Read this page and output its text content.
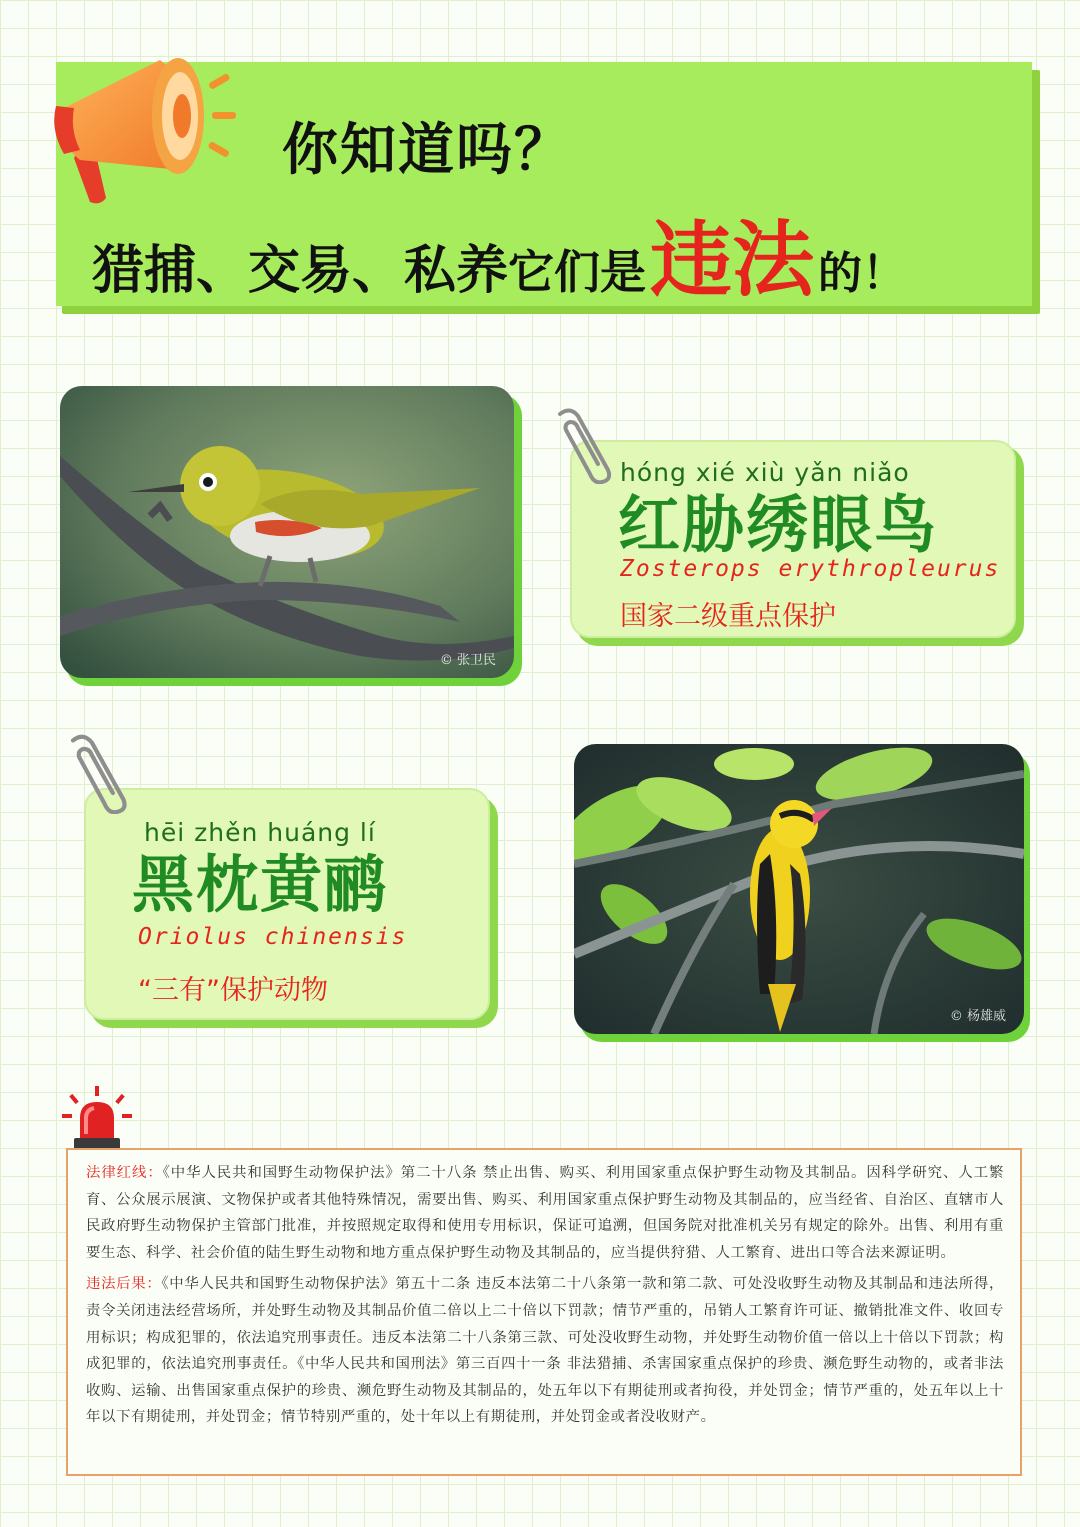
你知道吗？
猎捕、交易、私养 它们是 违法 的！
© 张卫民
hóng xié xiù yǎn niǎo
红胁绣眼鸟
Zosterops erythropleurus
国家二级重点保护
hēi zhěn huáng lí
黑枕黄鹂
Oriolus chinensis
“三有”保护动物
© 杨雄威

法律红线：《中华人民共和国野生动物保护法》第二十八条 禁止出售、购买、利用国家重点保护野生动物及其制品。因科学研究、人工繁育、公众展示展演、文物保护或者其他特殊情况，需要出售、购买、利用国家重点保护野生动物及其制品的，应当经省、自治区、直辖市人民政府野生动物保护主管部门批准，并按照规定取得和使用专用标识，保证可追溯，但国务院对批准机关另有规定的除外。出售、利用有重要生态、科学、社会价值的陆生野生动物和地方重点保护野生动物及其制品的，应当提供狩猎、人工繁育、进出口等合法来源证明。

违法后果：《中华人民共和国野生动物保护法》第五十二条 违反本法第二十八条第一款和第二款、可处没收野生动物及其制品和违法所得，责令关闭违法经营场所，并处野生动物及其制品价值二倍以上二十倍以下罚款；情节严重的，吊销人工繁育许可证、撤销批准文件、收回专用标识；构成犯罪的，依法追究刑事责任。违反本法第二十八条第三款、可处没收野生动物，并处野生动物价值一倍以上十倍以下罚款；构成犯罪的，依法追究刑事责任。《中华人民共和国刑法》第三百四十一条 非法猎捕、杀害国家重点保护的珍贵、濒危野生动物的，或者非法收购、运输、出售国家重点保护的珍贵、濒危野生动物及其制品的，处五年以下有期徒刑或者拘役，并处罚金；情节严重的，处五年以上十年以下有期徒刑，并处罚金；情节特别严重的，处十年以上有期徒刑，并处罚金或者没收财产。
